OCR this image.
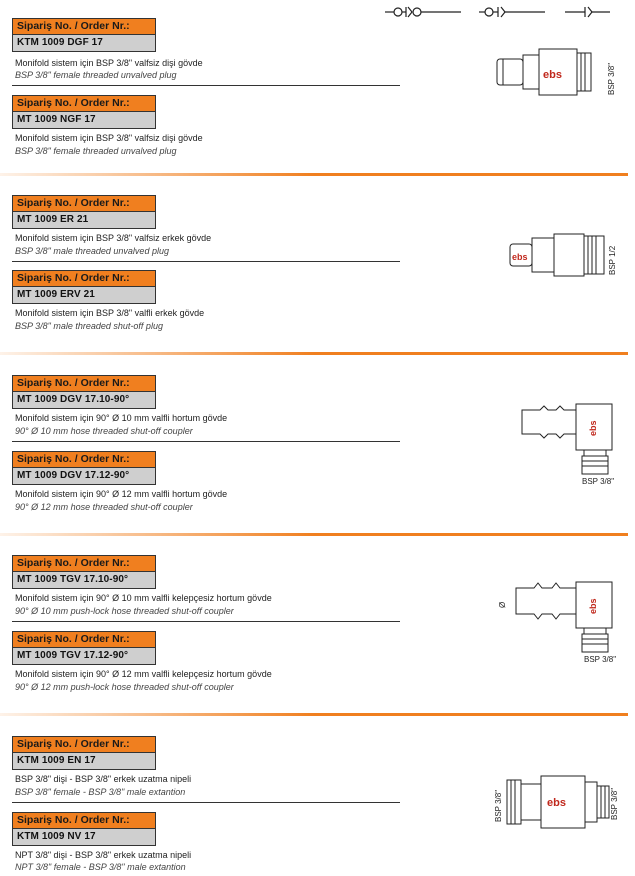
Sipariş No. / Order Nr.:
KTM 1009 DGF 17
Monifold sistem için BSP 3/8" valfsiz dişi gövde
BSP 3/8" female threaded unvalved plug
Sipariş No. / Order Nr.:
MT 1009 NGF 17
Monifold sistem için BSP 3/8" valfsiz dişi gövde
BSP 3/8" female threaded unvalved plug
ebs	BSP 3/8"
Sipariş No. / Order Nr.:
MT 1009 ER 21
Monifold sistem için BSP 3/8" valfsiz erkek gövde
BSP 3/8" male threaded unvalved plug
Sipariş No. / Order Nr.:
MT 1009 ERV 21
Monifold sistem için BSP 3/8" valfli erkek gövde
BSP 3/8" male threaded shut-off plug
ebs	BSP 1/2
Sipariş No. / Order Nr.:
MT 1009 DGV 17.10-90°
Monifold sistem için 90° Ø 10 mm valfli hortum gövde
90° Ø 10 mm hose threaded shut-off coupler
Sipariş No. / Order Nr.:
MT 1009 DGV 17.12-90°
Monifold sistem için 90° Ø 12 mm valfli hortum gövde
90° Ø 12 mm hose threaded shut-off coupler
ebs
BSP 3/8"
Sipariş No. / Order Nr.:
MT 1009 TGV 17.10-90°
Monifold sistem için 90° Ø 10 mm valfli kelepçesiz hortum gövde
90° Ø 10 mm push-lock hose threaded shut-off coupler
Sipariş No. / Order Nr.:
MT 1009 TGV 17.12-90°
Monifold sistem için 90° Ø 12 mm valfli kelepçesiz hortum gövde
90° Ø 12 mm push-lock hose threaded shut-off coupler
ebs
Ø
BSP 3/8"
Sipariş No. / Order Nr.:
KTM 1009 EN 17
BSP 3/8" dişi - BSP 3/8" erkek uzatma nipeli
BSP 3/8" female - BSP 3/8" male extantion
Sipariş No. / Order Nr.:
KTM 1009 NV 17
NPT 3/8" dişi - BSP 3/8" erkek uzatma nipeli
NPT 3/8" female - BSP 3/8" male extantion
ebs
BSP 3/8"	BSP 3/8"
